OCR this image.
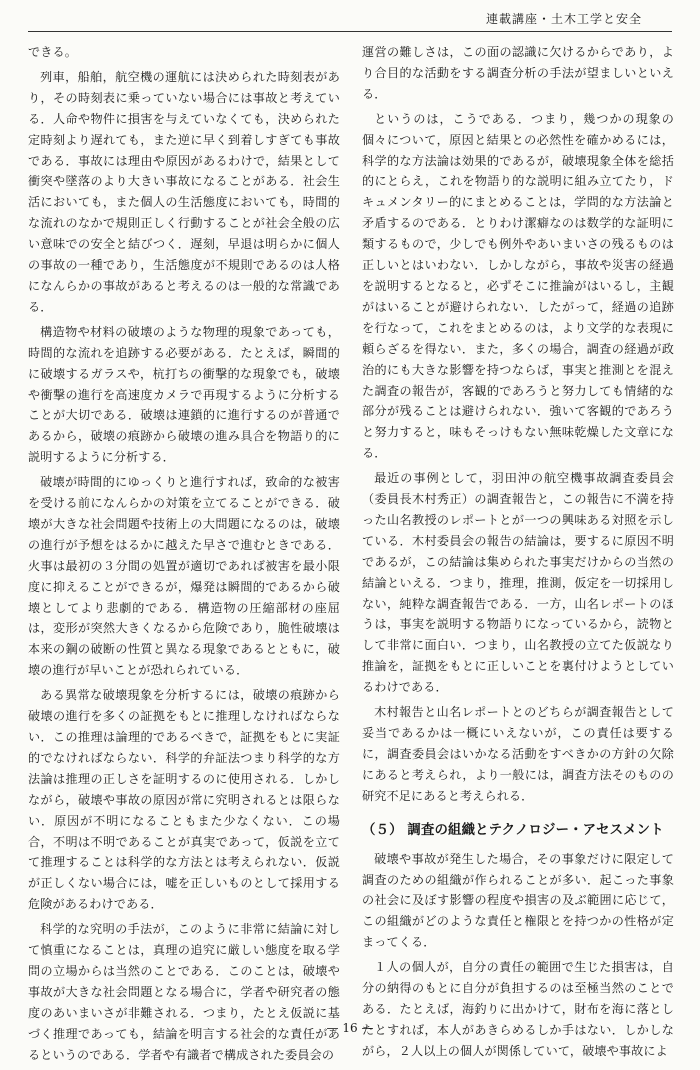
連載講座・土木工学と安全

できる。

列車，船舶，航空機の運航には決められた時刻表があり，その時刻表に乗っていない場合には事故と考えている．人命や物件に損害を与えていなくても，決められた定時刻より遅れても，また逆に早く到着しすぎても事故である．事故には理由や原因があるわけで，結果として衝突や墜落のより大きい事故になることがある．社会生活においても，また個人の生活態度においても，時間的な流れのなかで規則正しく行動することが社会全般の広い意味での安全と結びつく．遅刻，早退は明らかに個人の事故の一種であり，生活態度が不規則であるのは人格になんらかの事故があると考えるのは一般的な常識である．

構造物や材料の破壊のような物理的現象であっても，時間的な流れを追跡する必要がある．たとえば，瞬間的に破壊するガラスや，杭打ちの衝撃的な現象でも，破壊や衝撃の進行を高速度カメラで再現するように分析することが大切である．破壊は連鎖的に進行するのが普通であるから，破壊の痕跡から破壊の進み具合を物語り的に説明するように分析する．

破壊が時間的にゆっくりと進行すれば，致命的な被害を受ける前になんらかの対策を立てることができる．破壊が大きな社会問題や技術上の大問題になるのは，破壊の進行が予想をはるかに越えた早さで進むときである．火事は最初の３分間の処置が適切であれば被害を最小限度に抑えることができるが，爆発は瞬間的であるから破壊としてより悲劇的である．構造物の圧縮部材の座屈は，変形が突然大きくなるから危険であり，脆性破壊は本来の鋼の破断の性質と異なる現象であるとともに，破壊の進行が早いことが恐れられている．

ある異常な破壊現象を分析するには，破壊の痕跡から破壊の進行を多くの証拠をもとに推理しなければならない．この推理は論理的であるべきで，証拠をもとに実証的でなければならない．科学的弁証法つまり科学的な方法論は推理の正しさを証明するのに使用される．しかしながら，破壊や事故の原因が常に究明されるとは限らない．原因が不明になることもまた少なくない．この場合，不明は不明であることが真実であって，仮説を立てて推理することは科学的な方法とは考えられない．仮説が正しくない場合には，嘘を正しいものとして採用する危険があるわけである．

科学的な究明の手法が，このように非常に結論に対して慎重になることは，真理の追究に厳しい態度を取る学問の立場からは当然のことである．このことは，破壊や事故が大きな社会問題となる場合に，学者や研究者の態度のあいまいさが非難される．つまり，たとえ仮説に基づく推理であっても，結論を明言する社会的な責任があるというのである．学者や有識者で構成された委員会の

運営の難しさは，この面の認識に欠けるからであり，より合目的な活動をする調査分析の手法が望ましいといえる．

というのは，こうである．つまり，幾つかの現象の個々について，原因と結果との必然性を確かめるには，科学的な方法論は効果的であるが，破壊現象全体を総括的にとらえ，これを物語り的な説明に組み立てたり，ドキュメンタリー的にまとめることは，学問的な方法論と矛盾するのである．とりわけ潔癖なのは数学的な証明に類するもので，少しでも例外やあいまいさの残るものは正しいとはいわない．しかしながら，事故や災害の経過を説明するとなると，必ずそこに推論がはいるし，主観がはいることが避けられない．したがって，経過の追跡を行なって，これをまとめるのは，より文学的な表現に頼らざるを得ない．また，多くの場合，調査の経過が政治的にも大きな影響を持つならば，事実と推測とを混えた調査の報告が，客観的であろうと努力しても情緒的な部分が残ることは避けられない．強いて客観的であろうと努力すると，味もそっけもない無味乾燥した文章になる．

最近の事例として，羽田沖の航空機事故調査委員会（委員長木村秀正）の調査報告と，この報告に不満を持った山名教授のレポートとが一つの興味ある対照を示している．木村委員会の報告の結論は，要するに原因不明であるが，この結論は集められた事実だけからの当然の結論といえる．つまり，推理，推測，仮定を一切採用しない，純粋な調査報告である．一方，山名レポートのほうは，事実を説明する物語りになっているから，読物として非常に面白い．つまり，山名教授の立てた仮説なり推論を，証拠をもとに正しいことを裏付けようとしているわけである．

木村報告と山名レポートとのどちらが調査報告として妥当であるかは一概にいえないが，この責任は要するに，調査委員会はいかなる活動をすべきかの方針の欠除にあると考えられ，より一般には，調査方法そのものの研究不足にあると考えられる．

（５） 調査の組織とテクノロジー・アセスメント

破壊や事故が発生した場合，その事象だけに限定して調査のための組織が作られることが多い．起こった事象の社会に及ぼす影響の程度や損害の及ぶ範囲に応じて，この組織がどのような責任と権限とを持つかの性格が定まってくる．

１人の個人が，自分の責任の範囲で生じた損害は，自分の納得のもとに自分が負担するのは至極当然のことである．たとえば，海釣りに出かけて，財布を海に落としたとすれば，本人があきらめるしか手はない．しかしながら，２人以上の個人が関係していて，破壊や事故によ

— 16 —
